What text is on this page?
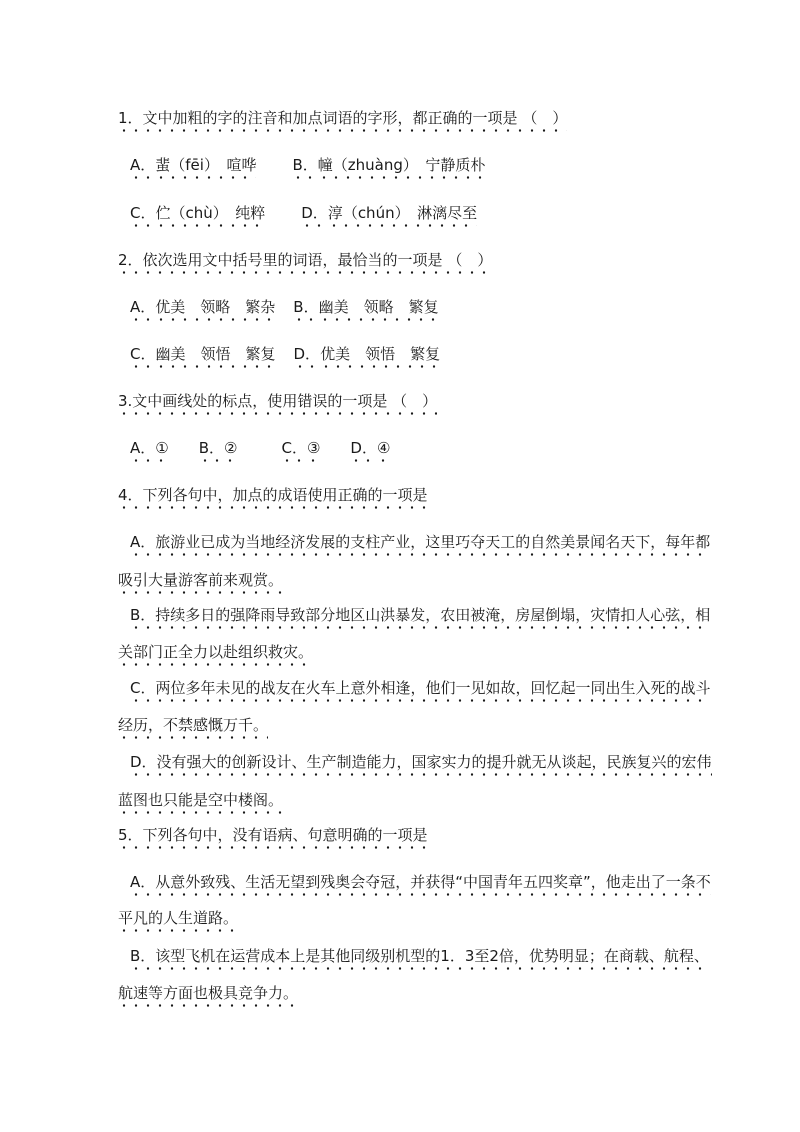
1．文中加粗的字的注音和加点词语的字形，都正确的一项是 （　）
A．蜚（fēi）　喧哗 B．幢（zhuàng）　宁静质朴
C．伫（chù）　纯粹 D．淳（chún）　淋漓尽至
2．依次选用文中括号里的词语，最恰当的一项是 （　）
A．优美　领略　繁杂 B．幽美　领略　繁复
C．幽美　领悟　繁复 D．优美　领悟　繁复
3.文中画线处的标点，使用错误的一项是 （　）
A．① B．②	C．③ D．④
4．下列各句中，加点的成语使用正确的一项是
A．旅游业已成为当地经济发展的支柱产业，这里巧夺天工的自然美景闻名天下，每年都
吸引大量游客前来观赏。
B．持续多日的强降雨导致部分地区山洪暴发，农田被淹，房屋倒塌，灾情扣人心弦，相
关部门正全力以赴组织救灾。
C．两位多年未见的战友在火车上意外相逢，他们一见如故，回忆起一同出生入死的战斗
经历，不禁感慨万千。
D．没有强大的创新设计、生产制造能力，国家实力的提升就无从谈起，民族复兴的宏伟
蓝图也只能是空中楼阁。
5．下列各句中，没有语病、句意明确的一项是
A．从意外致残、生活无望到残奥会夺冠，并获得“中国青年五四奖章”，他走出了一条不
平凡的人生道路。
B．该型飞机在运营成本上是其他同级别机型的1．3至2倍，优势明显；在商载、航程、
航速等方面也极具竞争力。
